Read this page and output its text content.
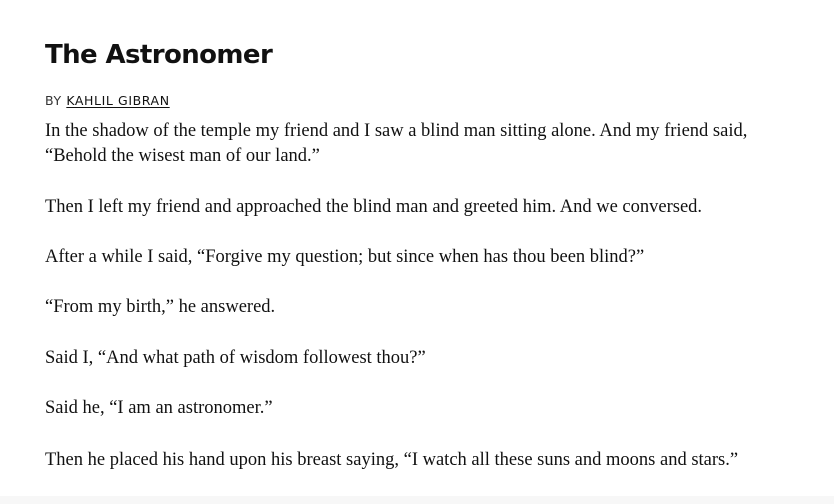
The Astronomer
BY KAHLIL GIBRAN

In the shadow of the temple my friend and I saw a blind man sitting alone. And my friend said, “Behold the wisest man of our land.”

Then I left my friend and approached the blind man and greeted him. And we conversed.

After a while I said, “Forgive my question; but since when has thou been blind?”

“From my birth,” he answered.

Said I, “And what path of wisdom followest thou?”

Said he, “I am an astronomer.”

Then he placed his hand upon his breast saying, “I watch all these suns and moons and stars.”
